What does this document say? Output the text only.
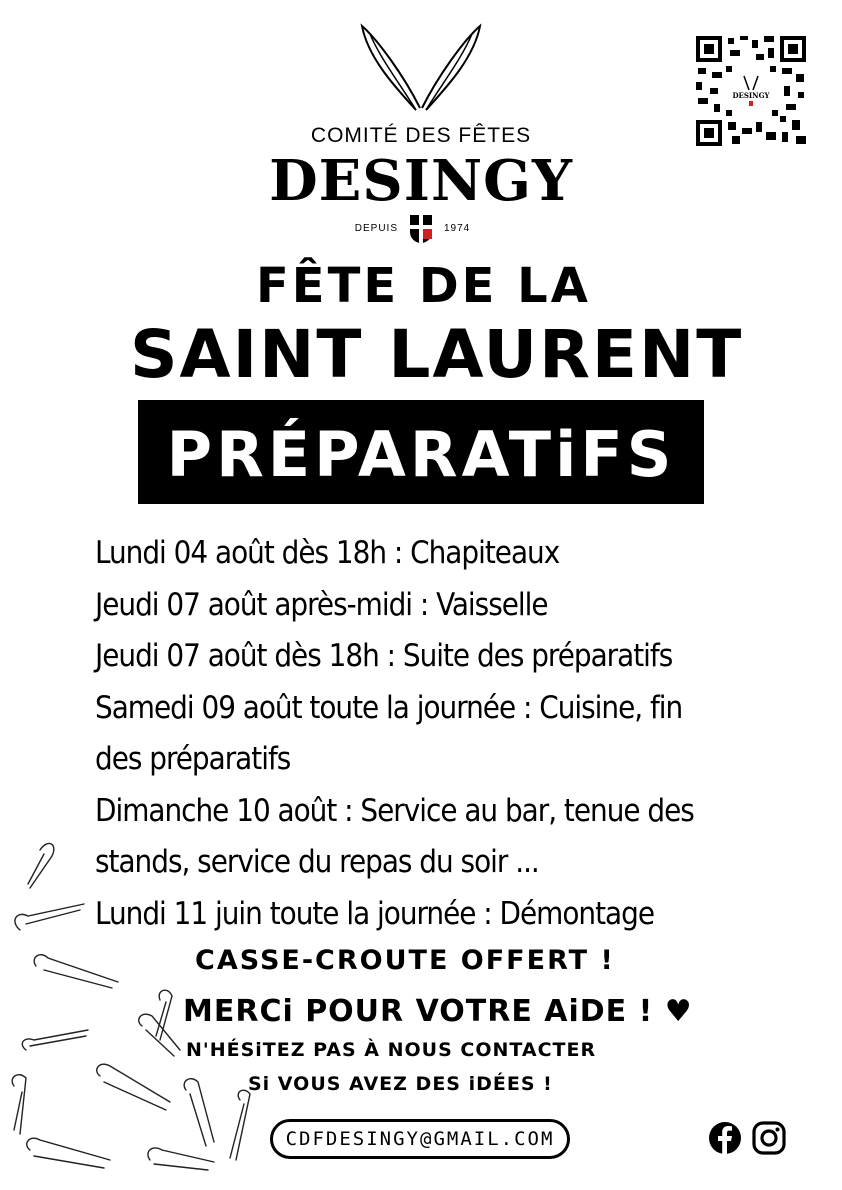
COMITÉ DES FÊTES
DESINGY
DEPUIS	1974
DESINGY
FÊTE DE LA
SAINT LAURENT
PRÉPARATiFS
Lundi 04 août dès 18h : Chapiteaux
Jeudi 07 août après-midi : Vaisselle
Jeudi 07 août dès 18h : Suite des préparatifs
Samedi 09 août toute la journée : Cuisine, fin
des préparatifs
Dimanche 10 août : Service au bar, tenue des
stands, service du repas du soir ...
Lundi 11 juin toute la journée : Démontage
CASSE-CROUTE OFFERT !
MERCi POUR VOTRE AiDE ! ♥
N'HÉSiTEZ PAS À NOUS CONTACTER
Si VOUS AVEZ DES iDÉES !
CDFDESINGY@GMAIL.COM
